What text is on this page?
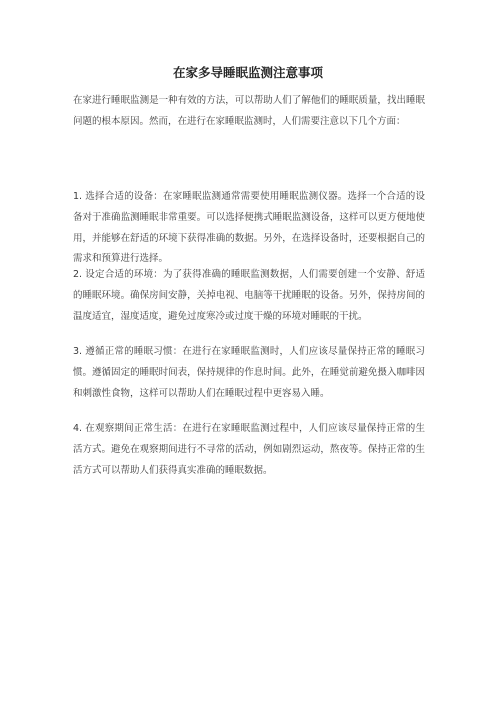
在家多导睡眠监测注意事项

在家进行睡眠监测是一种有效的方法，可以帮助人们了解他们的睡眠质量，找出睡眠问题的根本原因。然而，在进行在家睡眠监测时，人们需要注意以下几个方面：

1. 选择合适的设备：在家睡眠监测通常需要使用睡眠监测仪器。选择一个合适的设备对于准确监测睡眠非常重要。可以选择便携式睡眠监测设备，这样可以更方便地使用，并能够在舒适的环境下获得准确的数据。另外，在选择设备时，还要根据自己的需求和预算进行选择。

2. 设定合适的环境：为了获得准确的睡眠监测数据，人们需要创建一个安静、舒适的睡眠环境。确保房间安静，关掉电视、电脑等干扰睡眠的设备。另外，保持房间的温度适宜，湿度适度，避免过度寒冷或过度干燥的环境对睡眠的干扰。

3. 遵循正常的睡眠习惯：在进行在家睡眠监测时，人们应该尽量保持正常的睡眠习惯。遵循固定的睡眠时间表，保持规律的作息时间。此外，在睡觉前避免摄入咖啡因和刺激性食物，这样可以帮助人们在睡眠过程中更容易入睡。

4. 在观察期间正常生活：在进行在家睡眠监测过程中，人们应该尽量保持正常的生活方式。避免在观察期间进行不寻常的活动，例如剧烈运动，熬夜等。保持正常的生活方式可以帮助人们获得真实准确的睡眠数据。
